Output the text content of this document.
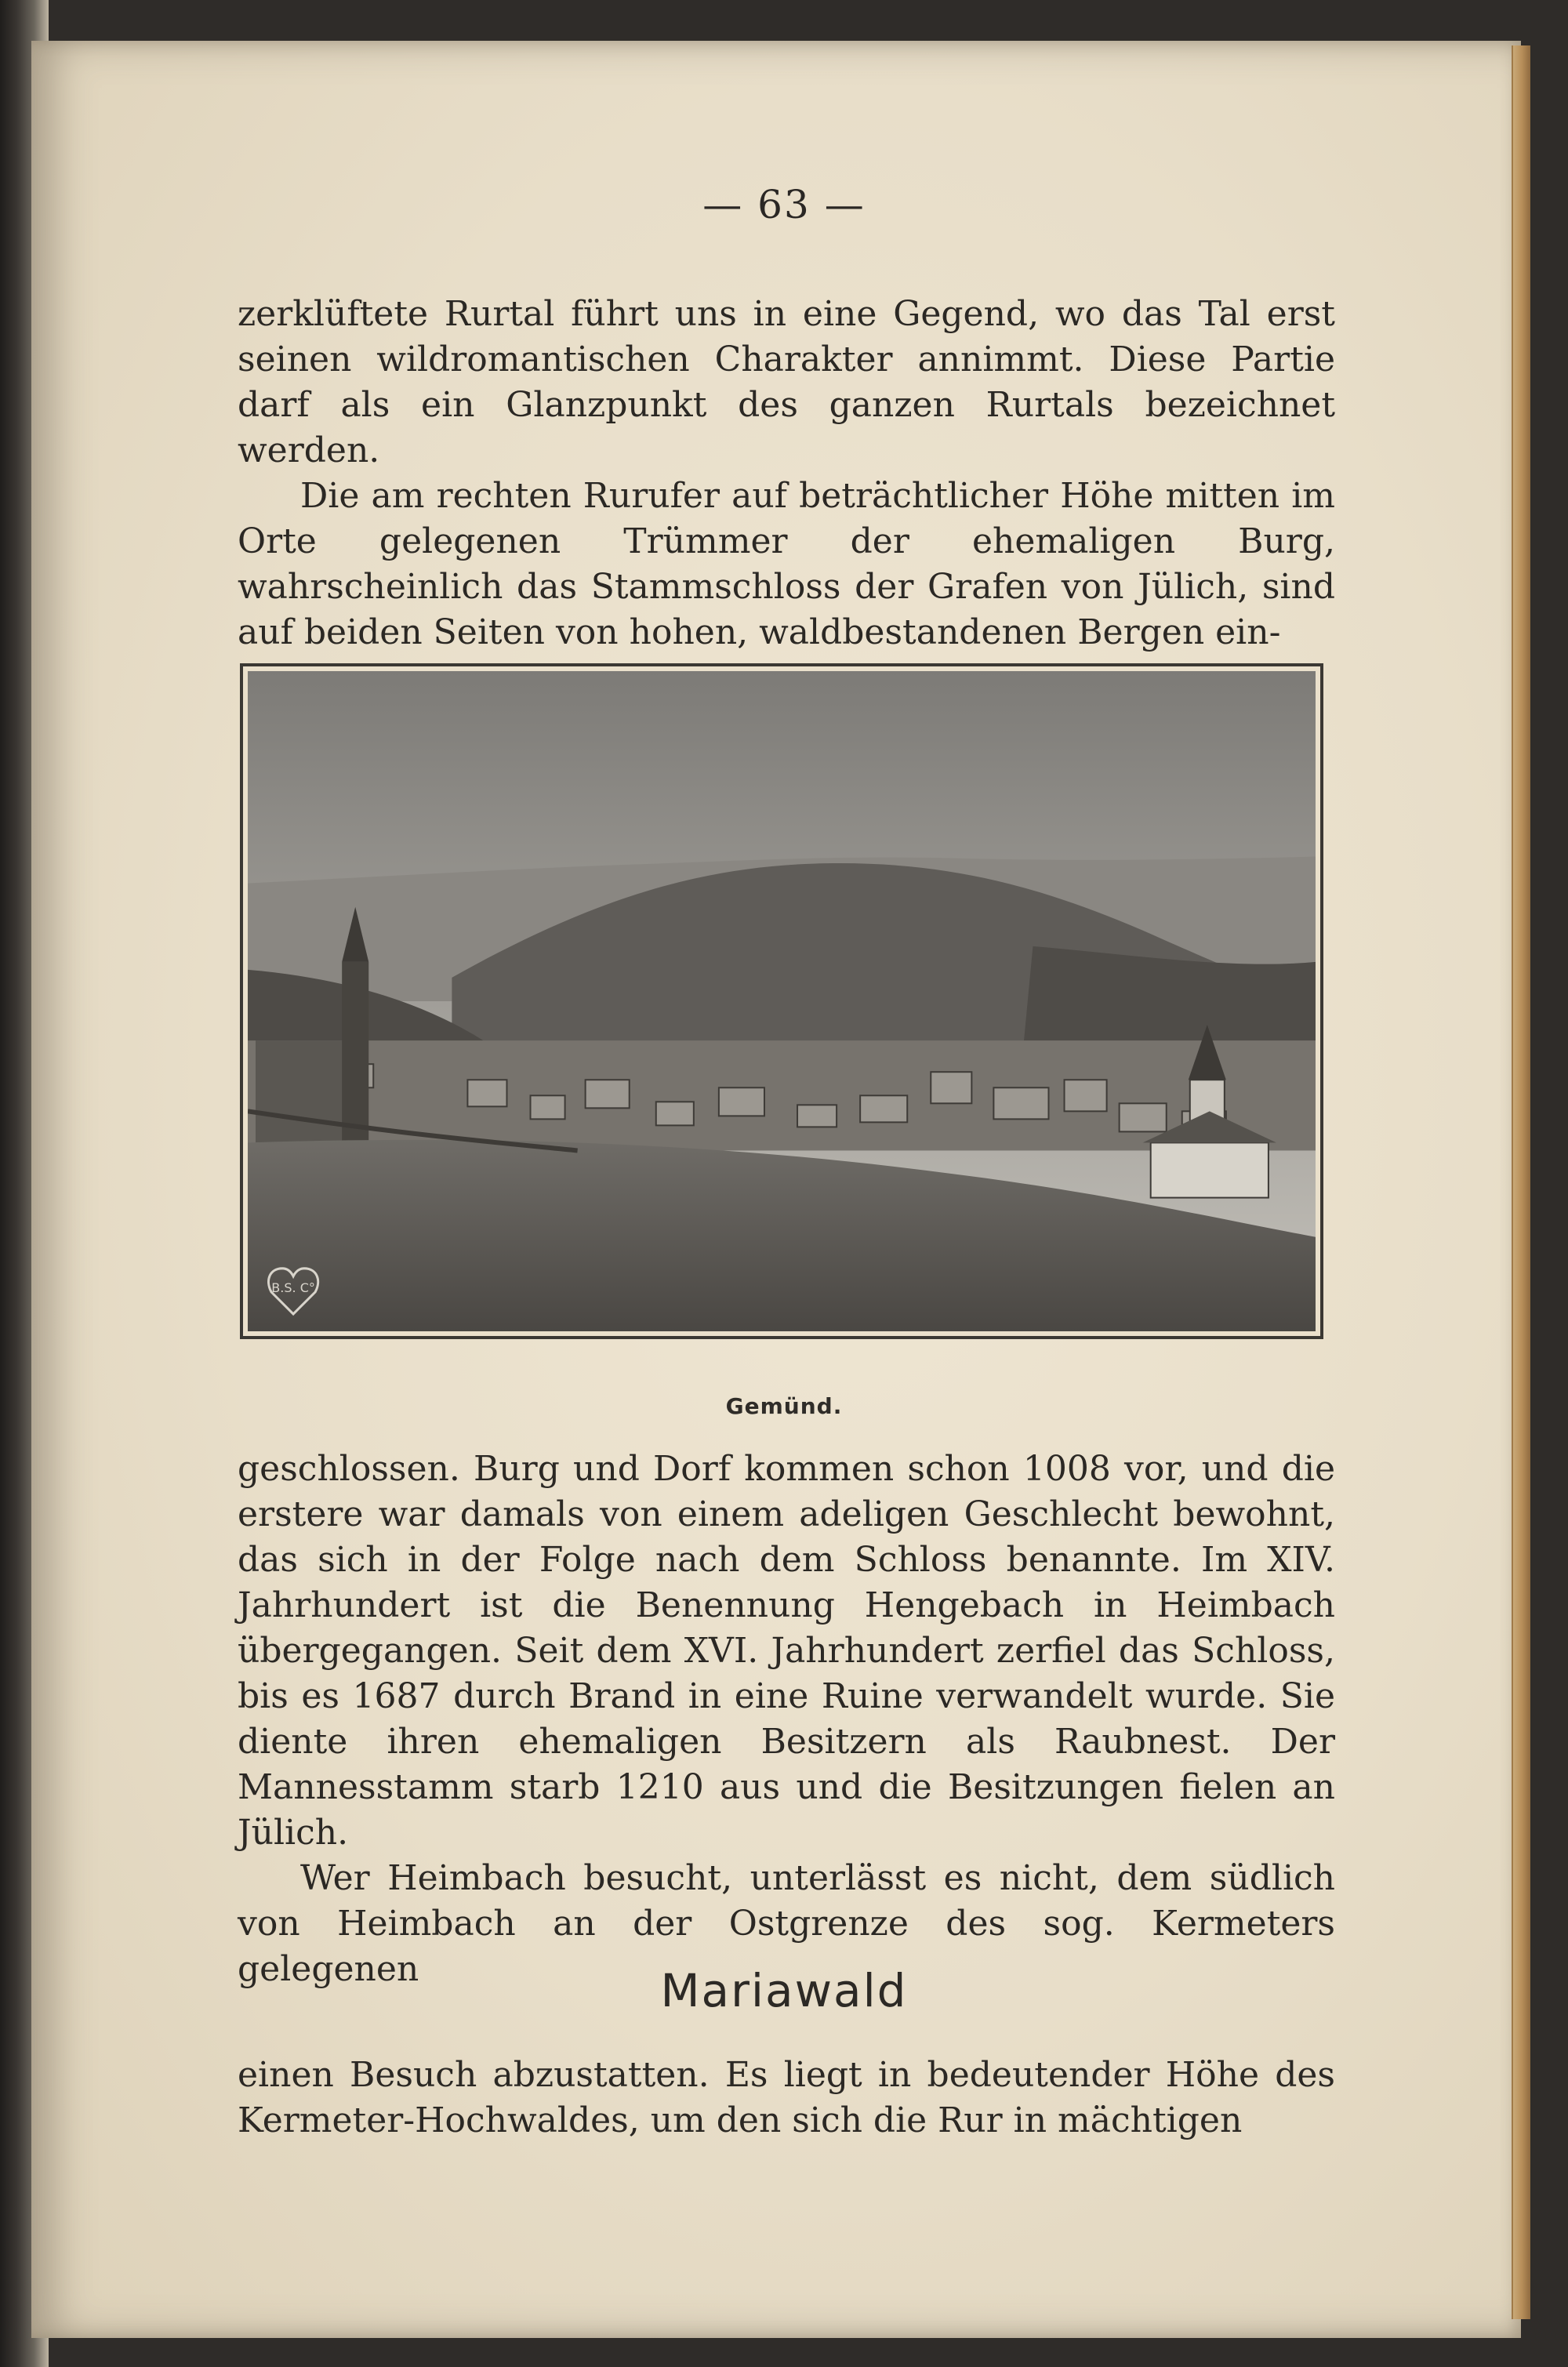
— 63 —

zerklüftete Rurtal führt uns in eine Gegend, wo das Tal erst seinen wildromantischen Charakter annimmt. Diese Partie darf als ein Glanzpunkt des ganzen Rurtals bezeichnet werden.

Die am rechten Rurufer auf beträchtlicher Höhe mitten im Orte gelegenen Trümmer der ehemaligen Burg, wahrscheinlich das Stammschloss der Grafen von Jülich, sind auf beiden Seiten von hohen, waldbestandenen Bergen ein-

B.S. C°
Gemünd.

geschlossen. Burg und Dorf kommen schon 1008 vor, und die erstere war damals von einem adeligen Geschlecht bewohnt, das sich in der Folge nach dem Schloss benannte. Im XIV. Jahrhundert ist die Benennung Hengebach in Heimbach übergegangen. Seit dem XVI. Jahrhundert zerfiel das Schloss, bis es 1687 durch Brand in eine Ruine verwandelt wurde. Sie diente ihren ehemaligen Besitzern als Raubnest. Der Mannesstamm starb 1210 aus und die Besitzungen fielen an Jülich.

Wer Heimbach besucht, unterlässt es nicht, dem südlich von Heimbach an der Ostgrenze des sog. Kermeters gelegenen	Mariawald

einen Besuch abzustatten. Es liegt in bedeutender Höhe des Kermeter-Hochwaldes, um den sich die Rur in mächtigen
